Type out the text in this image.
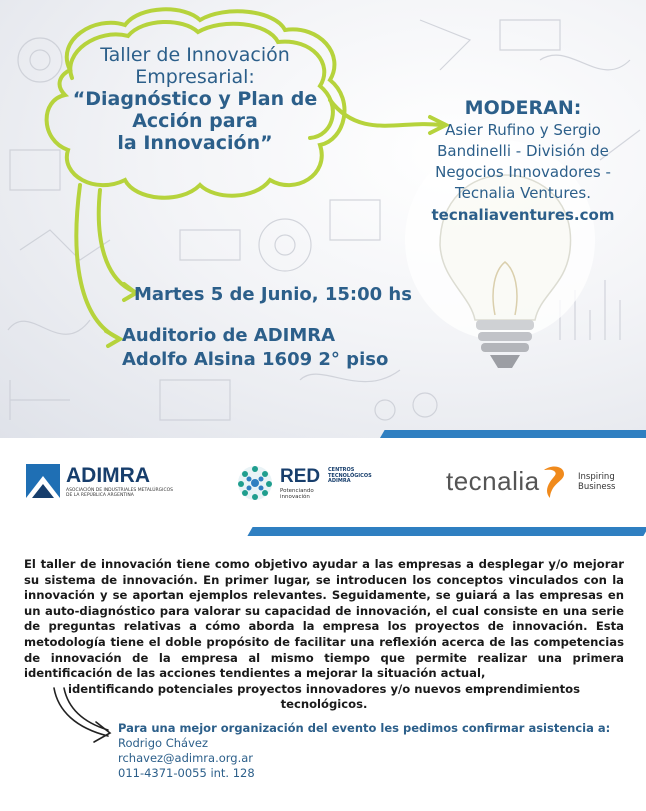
Taller de Innovación
Empresarial:
“Diagnóstico y Plan de
Acción para
la Innovación”
MODERAN:
Asier Rufino y Sergio
Bandinelli - División de
Negocios Innovadores -
Tecnalia Ventures.
tecnaliaventures.com
Martes 5 de Junio, 15:00 hs
Auditorio de ADIMRA
Adolfo Alsina 1609 2° piso
ADIMRA
ASOCIACIÓN DE INDUSTRIALES METALÚRGICOS DE LA REPÚBLICA ARGENTINA
RED CENTROS
TECNOLÓGICOS
ADIMRA
Potenciando innovación
tecnalia	Inspiring
Business
El taller de innovación tiene como objetivo ayudar a las empresas a desplegar y/o mejorar su sistema de innovación. En primer lugar, se introducen los conceptos vinculados con la innovación y se aportan ejemplos relevantes. Seguidamente, se guiará a las empresas en un auto-diagnóstico para valorar su capacidad de innovación, el cual consiste en una serie de preguntas relativas a cómo aborda la empresa los proyectos de innovación. Esta metodología tiene el doble propósito de facilitar una reflexión acerca de las competencias de innovación de la empresa al mismo tiempo que permite realizar una primera identificación de las acciones tendientes a mejorar la situación actual,
identificando potenciales proyectos innovadores y/o nuevos emprendimientos tecnológicos.
Para una mejor organización del evento les pedimos confirmar asistencia a:
Rodrigo Chávez
rchavez@adimra.org.ar
011-4371-0055 int. 128
